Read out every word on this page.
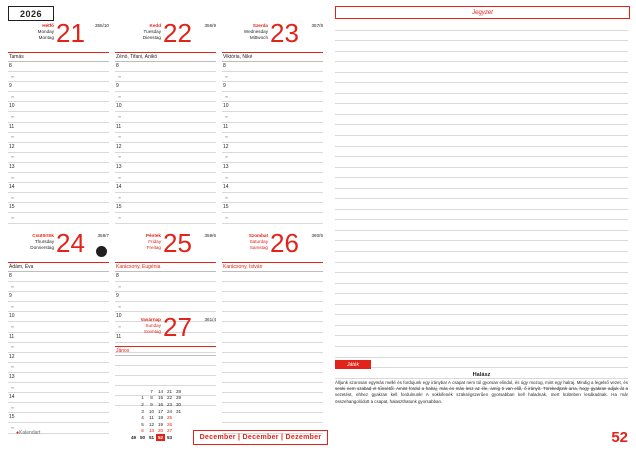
2026
Hétfő
Monday
Montag 21 355/10
Tamás
8
∞
9
∞
10
∞
11
∞
12
∞
13
∞
14
∞
15
∞
Kedd
Tuesday
Dienstag 22	356/9
Zénó, Tifani, Anikó
8
∞
9
∞
10
∞
11
∞
12
∞
13
∞
14
∞
15
∞
Szerda
Wednesday
Mittwoch 23	357/8
Viktória, Niké
8
∞
9
∞
10
∞
11
∞
12
∞
13
∞
14
∞
15
∞
Csütörtök
Thursday
Donnerstag 24	358/7
Ádám, Éva
8
∞
9
∞
10
∞
11
∞
12
∞
13
∞
14
∞
15
∞
Péntek
Friday
Freitag 25	359/6
Karácsony, Eugénia
8
∞
9
∞
10
∞
11
∞
Szombat
Saturday
Samstag 26	360/5
Karácsony, István
Vasárnap
Sunday
Sonntag 27	361/4
János
		7	14	21	28
	1	8	15	22	29
	2	9	16	23	30
	3	10	17	24	31
	4	11	18	25	
	5	12	19	26	
	6	13	20	27	
49	50	51	52	53	
●Kalendart
December | December | Dezember
Jegyzet
Játék
Halász
Álljunk szorosan egymás mellé és fordujunk egy irányba! A csapat nem túl gyorsan elindul, és úgy mozog, mint egy halraj. Mindig a legelső vezet, és senki nem szabad el tűnsétől. Amint fordul a halraj, más és más lesz az éle, amíg ti van elől, ő irányít. Törekedjünk arra, hogy gyakran adjuk át a vezetést, ehhez gyakran kell fordulnunk! A sokkifenék szükségszerűen gyorsabban kell haladnak, mert különben lesákadnak. Ha már összehangolódott a csapat, halaszthatunk gyorsabban.
52
